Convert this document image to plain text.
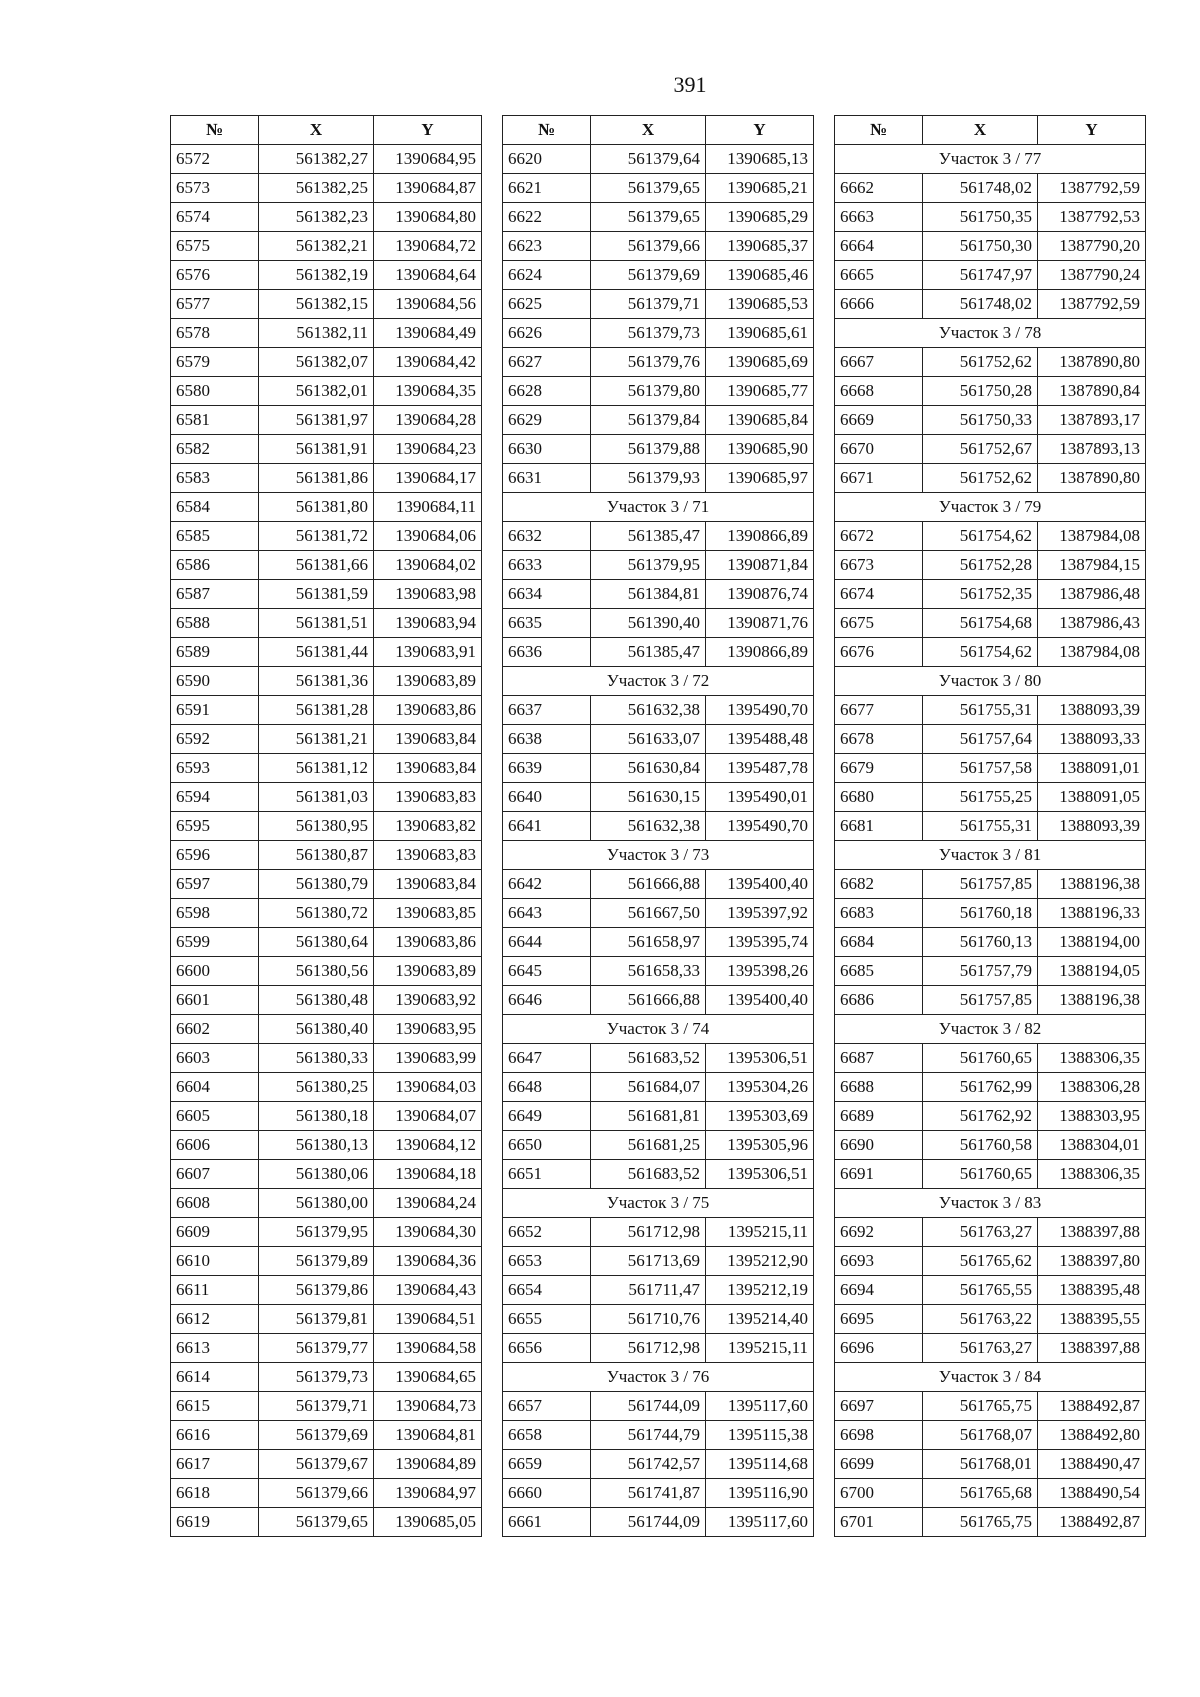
391
№	X	Y
6572	561382,27	1390684,95
6573	561382,25	1390684,87
6574	561382,23	1390684,80
6575	561382,21	1390684,72
6576	561382,19	1390684,64
6577	561382,15	1390684,56
6578	561382,11	1390684,49
6579	561382,07	1390684,42
6580	561382,01	1390684,35
6581	561381,97	1390684,28
6582	561381,91	1390684,23
6583	561381,86	1390684,17
6584	561381,80	1390684,11
6585	561381,72	1390684,06
6586	561381,66	1390684,02
6587	561381,59	1390683,98
6588	561381,51	1390683,94
6589	561381,44	1390683,91
6590	561381,36	1390683,89
6591	561381,28	1390683,86
6592	561381,21	1390683,84
6593	561381,12	1390683,84
6594	561381,03	1390683,83
6595	561380,95	1390683,82
6596	561380,87	1390683,83
6597	561380,79	1390683,84
6598	561380,72	1390683,85
6599	561380,64	1390683,86
6600	561380,56	1390683,89
6601	561380,48	1390683,92
6602	561380,40	1390683,95
6603	561380,33	1390683,99
6604	561380,25	1390684,03
6605	561380,18	1390684,07
6606	561380,13	1390684,12
6607	561380,06	1390684,18
6608	561380,00	1390684,24
6609	561379,95	1390684,30
6610	561379,89	1390684,36
6611	561379,86	1390684,43
6612	561379,81	1390684,51
6613	561379,77	1390684,58
6614	561379,73	1390684,65
6615	561379,71	1390684,73
6616	561379,69	1390684,81
6617	561379,67	1390684,89
6618	561379,66	1390684,97
6619	561379,65	1390685,05
№	X	Y
6620	561379,64	1390685,13
6621	561379,65	1390685,21
6622	561379,65	1390685,29
6623	561379,66	1390685,37
6624	561379,69	1390685,46
6625	561379,71	1390685,53
6626	561379,73	1390685,61
6627	561379,76	1390685,69
6628	561379,80	1390685,77
6629	561379,84	1390685,84
6630	561379,88	1390685,90
6631	561379,93	1390685,97
Участок 3 / 71		
6632	561385,47	1390866,89
6633	561379,95	1390871,84
6634	561384,81	1390876,74
6635	561390,40	1390871,76
6636	561385,47	1390866,89
Участок 3 / 72		
6637	561632,38	1395490,70
6638	561633,07	1395488,48
6639	561630,84	1395487,78
6640	561630,15	1395490,01
6641	561632,38	1395490,70
Участок 3 / 73		
6642	561666,88	1395400,40
6643	561667,50	1395397,92
6644	561658,97	1395395,74
6645	561658,33	1395398,26
6646	561666,88	1395400,40
Участок 3 / 74		
6647	561683,52	1395306,51
6648	561684,07	1395304,26
6649	561681,81	1395303,69
6650	561681,25	1395305,96
6651	561683,52	1395306,51
Участок 3 / 75		
6652	561712,98	1395215,11
6653	561713,69	1395212,90
6654	561711,47	1395212,19
6655	561710,76	1395214,40
6656	561712,98	1395215,11
Участок 3 / 76		
6657	561744,09	1395117,60
6658	561744,79	1395115,38
6659	561742,57	1395114,68
6660	561741,87	1395116,90
6661	561744,09	1395117,60
№	X	Y
Участок 3 / 77		
6662	561748,02	1387792,59
6663	561750,35	1387792,53
6664	561750,30	1387790,20
6665	561747,97	1387790,24
6666	561748,02	1387792,59
Участок 3 / 78		
6667	561752,62	1387890,80
6668	561750,28	1387890,84
6669	561750,33	1387893,17
6670	561752,67	1387893,13
6671	561752,62	1387890,80
Участок 3 / 79		
6672	561754,62	1387984,08
6673	561752,28	1387984,15
6674	561752,35	1387986,48
6675	561754,68	1387986,43
6676	561754,62	1387984,08
Участок 3 / 80		
6677	561755,31	1388093,39
6678	561757,64	1388093,33
6679	561757,58	1388091,01
6680	561755,25	1388091,05
6681	561755,31	1388093,39
Участок 3 / 81		
6682	561757,85	1388196,38
6683	561760,18	1388196,33
6684	561760,13	1388194,00
6685	561757,79	1388194,05
6686	561757,85	1388196,38
Участок 3 / 82		
6687	561760,65	1388306,35
6688	561762,99	1388306,28
6689	561762,92	1388303,95
6690	561760,58	1388304,01
6691	561760,65	1388306,35
Участок 3 / 83		
6692	561763,27	1388397,88
6693	561765,62	1388397,80
6694	561765,55	1388395,48
6695	561763,22	1388395,55
6696	561763,27	1388397,88
Участок 3 / 84		
6697	561765,75	1388492,87
6698	561768,07	1388492,80
6699	561768,01	1388490,47
6700	561765,68	1388490,54
6701	561765,75	1388492,87
